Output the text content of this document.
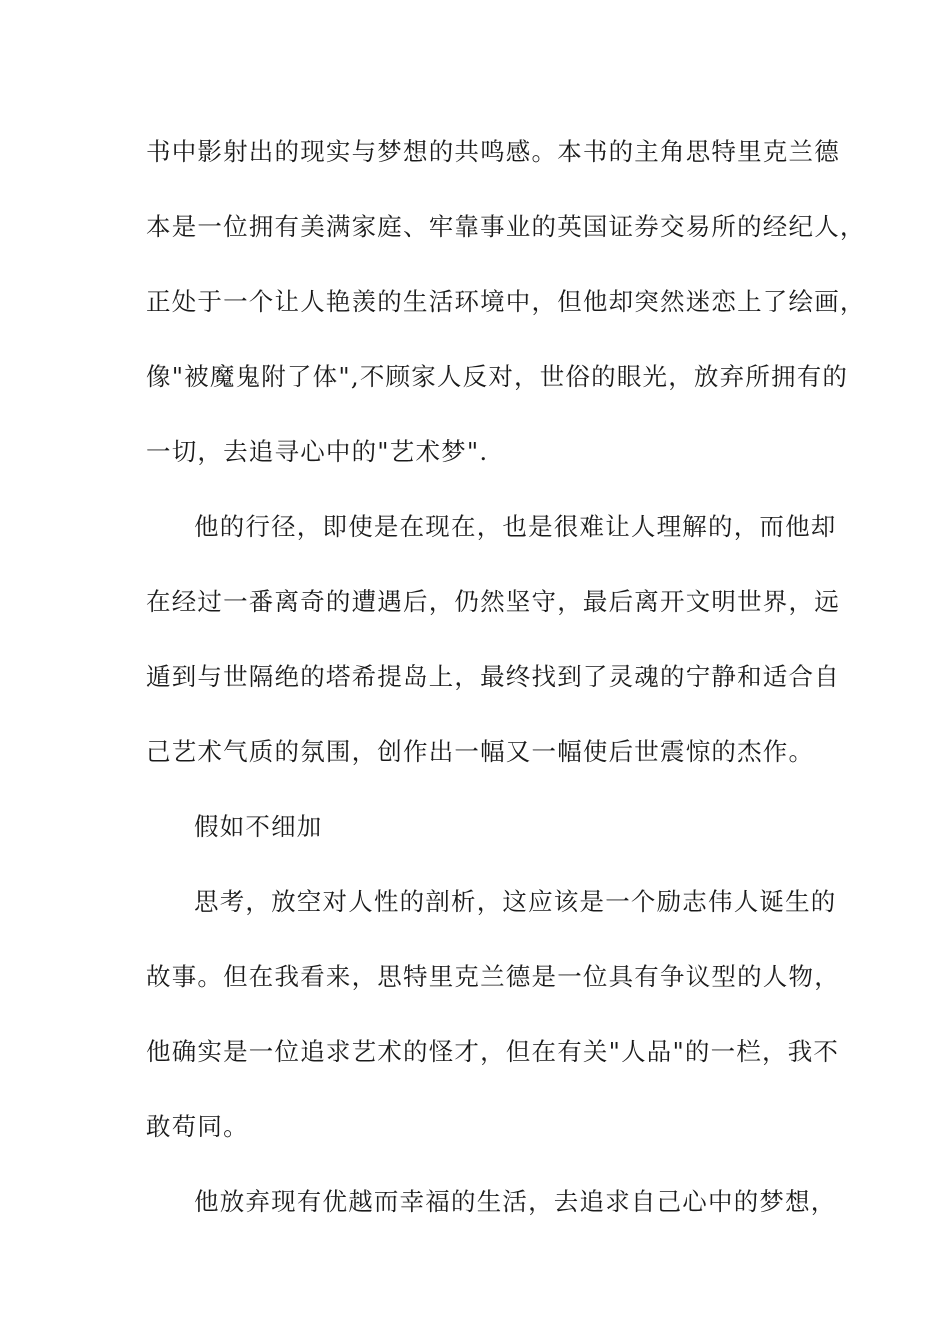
书中影射出的现实与梦想的共鸣感。本书的主角思特里克兰德
本是一位拥有美满家庭、牢靠事业的英国证券交易所的经纪人，
正处于一个让人艳羡的生活环境中，但他却突然迷恋上了绘画，
像"被魔鬼附了体",不顾家人反对，世俗的眼光，放弃所拥有的
一切，去追寻心中的"艺术梦".
他的行径，即使是在现在，也是很难让人理解的，而他却
在经过一番离奇的遭遇后，仍然坚守，最后离开文明世界，远
遁到与世隔绝的塔希提岛上，最终找到了灵魂的宁静和适合自
己艺术气质的氛围，创作出一幅又一幅使后世震惊的杰作。
假如不细加
思考，放空对人性的剖析，这应该是一个励志伟人诞生的
故事。但在我看来，思特里克兰德是一位具有争议型的人物，
他确实是一位追求艺术的怪才，但在有关"人品"的一栏，我不
敢苟同。
他放弃现有优越而幸福的生活，去追求自己心中的梦想，
